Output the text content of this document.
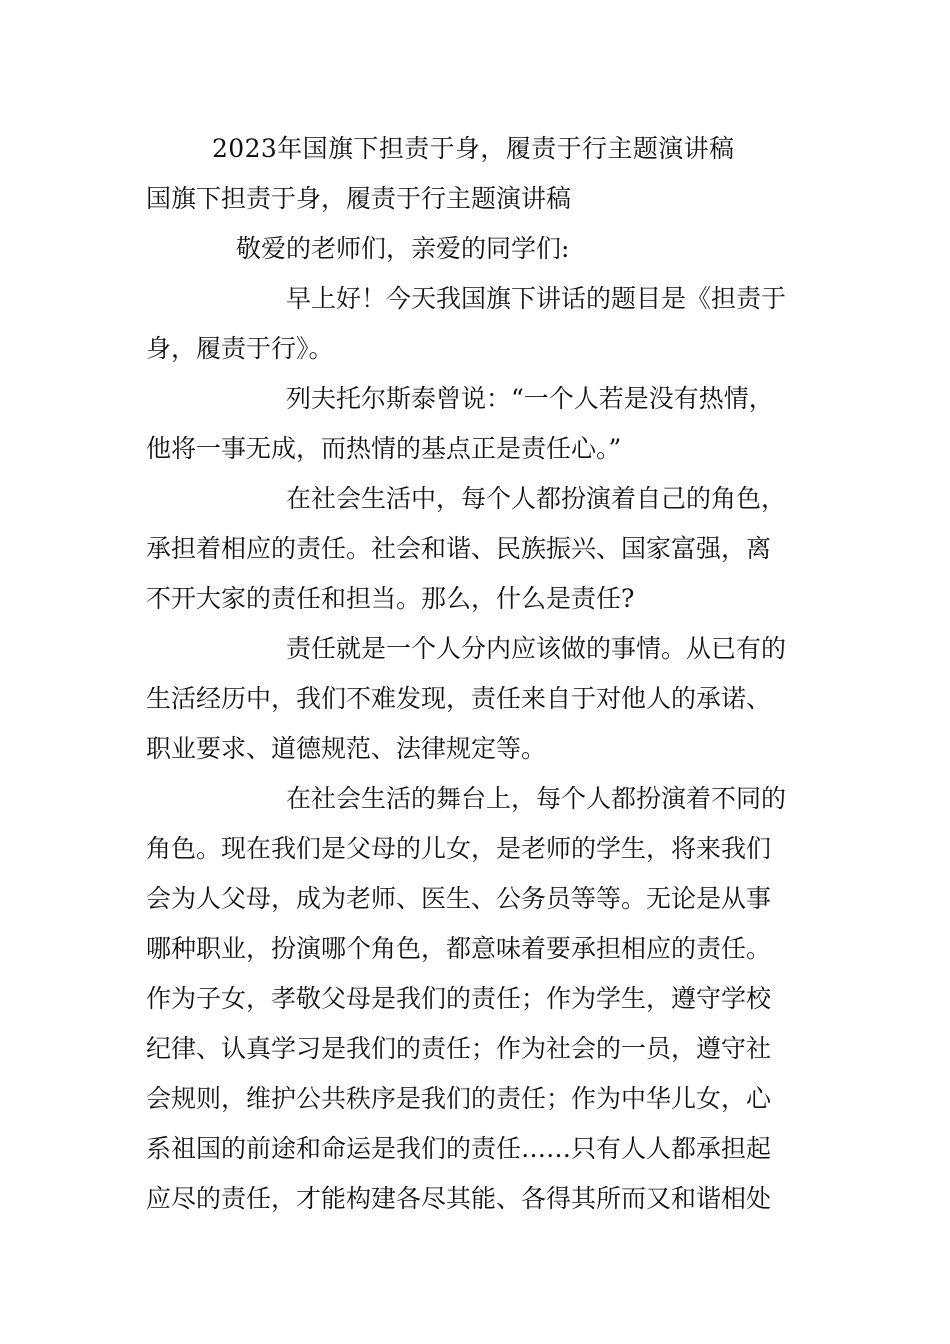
2023年国旗下担责于身，履责于行主题演讲稿
国旗下担责于身，履责于行主题演讲稿
敬爱的老师们，亲爱的同学们:
早上好！今天我国旗下讲话的题目是《担责于
身，履责于行》。
列夫托尔斯泰曾说：“一个人若是没有热情，
他将一事无成，而热情的基点正是责任心。”
在社会生活中，每个人都扮演着自己的角色，
承担着相应的责任。社会和谐、民族振兴、国家富强，离
不开大家的责任和担当。那么，什么是责任?
责任就是一个人分内应该做的事情。从已有的
生活经历中，我们不难发现，责任来自于对他人的承诺、
职业要求、道德规范、法律规定等。
在社会生活的舞台上，每个人都扮演着不同的
角色。现在我们是父母的儿女，是老师的学生，将来我们
会为人父母，成为老师、医生、公务员等等。无论是从事
哪种职业，扮演哪个角色，都意味着要承担相应的责任。
作为子女，孝敬父母是我们的责任；作为学生，遵守学校
纪律、认真学习是我们的责任；作为社会的一员，遵守社
会规则，维护公共秩序是我们的责任；作为中华儿女，心
系祖国的前途和命运是我们的责任……只有人人都承担起
应尽的责任，才能构建各尽其能、各得其所而又和谐相处
